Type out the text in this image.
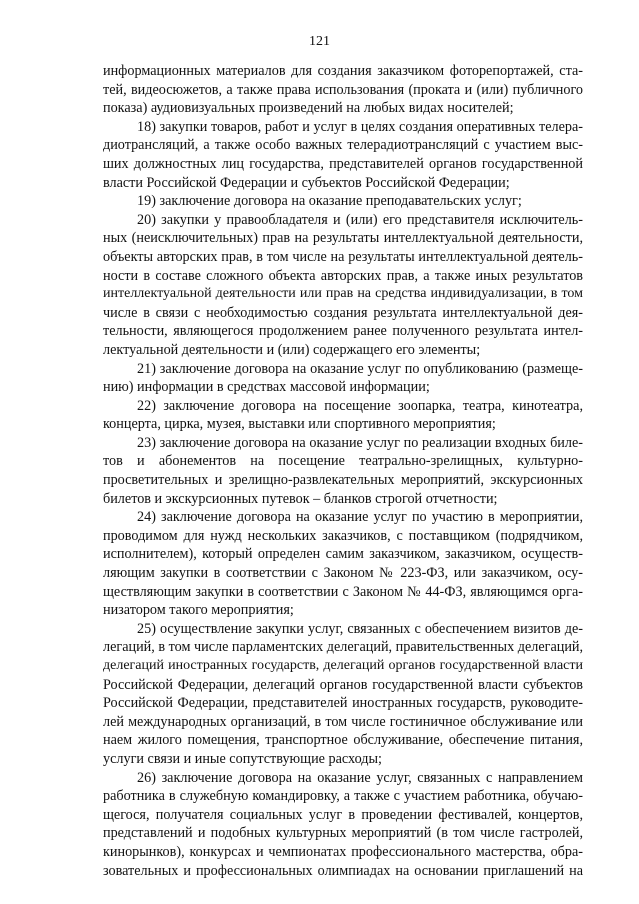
121
информационных материалов для создания заказчиком фоторепортажей, ста-
тей, видеосюжетов, а также права использования (проката и (или) публичного
показа) аудиовизуальных произведений на любых видах носителей;
18) закупки товаров, работ и услуг в целях создания оперативных телера-
диотрансляций, а также особо важных телерадиотрансляций с участием выс-
ших должностных лиц государства, представителей органов государственной
власти Российской Федерации и субъектов Российской Федерации;
19) заключение договора на оказание преподавательских услуг;
20) закупки у правообладателя и (или) его представителя исключитель-
ных (неисключительных) прав на результаты интеллектуальной деятельности,
объекты авторских прав, в том числе на результаты интеллектуальной деятель-
ности в составе сложного объекта авторских прав, а также иных результатов
интеллектуальной деятельности или прав на средства индивидуализации, в том
числе в связи с необходимостью создания результата интеллектуальной дея-
тельности, являющегося продолжением ранее полученного результата интел-
лектуальной деятельности и (или) содержащего его элементы;
21) заключение договора на оказание услуг по опубликованию (размеще-
нию) информации в средствах массовой информации;
22) заключение договора на посещение зоопарка, театра, кинотеатра,
концерта, цирка, музея, выставки или спортивного мероприятия;
23) заключение договора на оказание услуг по реализации входных биле-
тов и абонементов на посещение театрально-зрелищных, культурно-
просветительных и зрелищно-развлекательных мероприятий, экскурсионных
билетов и экскурсионных путевок – бланков строгой отчетности;
24) заключение договора на оказание услуг по участию в мероприятии,
проводимом для нужд нескольких заказчиков, с поставщиком (подрядчиком,
исполнителем), который определен самим заказчиком, заказчиком, осуществ-
ляющим закупки в соответствии с Законом № 223-ФЗ, или заказчиком, осу-
ществляющим закупки в соответствии с Законом № 44-ФЗ, являющимся орга-
низатором такого мероприятия;
25) осуществление закупки услуг, связанных с обеспечением визитов де-
легаций, в том числе парламентских делегаций, правительственных делегаций,
делегаций иностранных государств, делегаций органов государственной власти
Российской Федерации, делегаций органов государственной власти субъектов
Российской Федерации, представителей иностранных государств, руководите-
лей международных организаций, в том числе гостиничное обслуживание или
наем жилого помещения, транспортное обслуживание, обеспечение питания,
услуги связи и иные сопутствующие расходы;
26) заключение договора на оказание услуг, связанных с направлением
работника в служебную командировку, а также с участием работника, обучаю-
щегося, получателя социальных услуг в проведении фестивалей, концертов,
представлений и подобных культурных мероприятий (в том числе гастролей,
кинорынков), конкурсах и чемпионатах профессионального мастерства, обра-
зовательных и профессиональных олимпиадах на основании приглашений на
